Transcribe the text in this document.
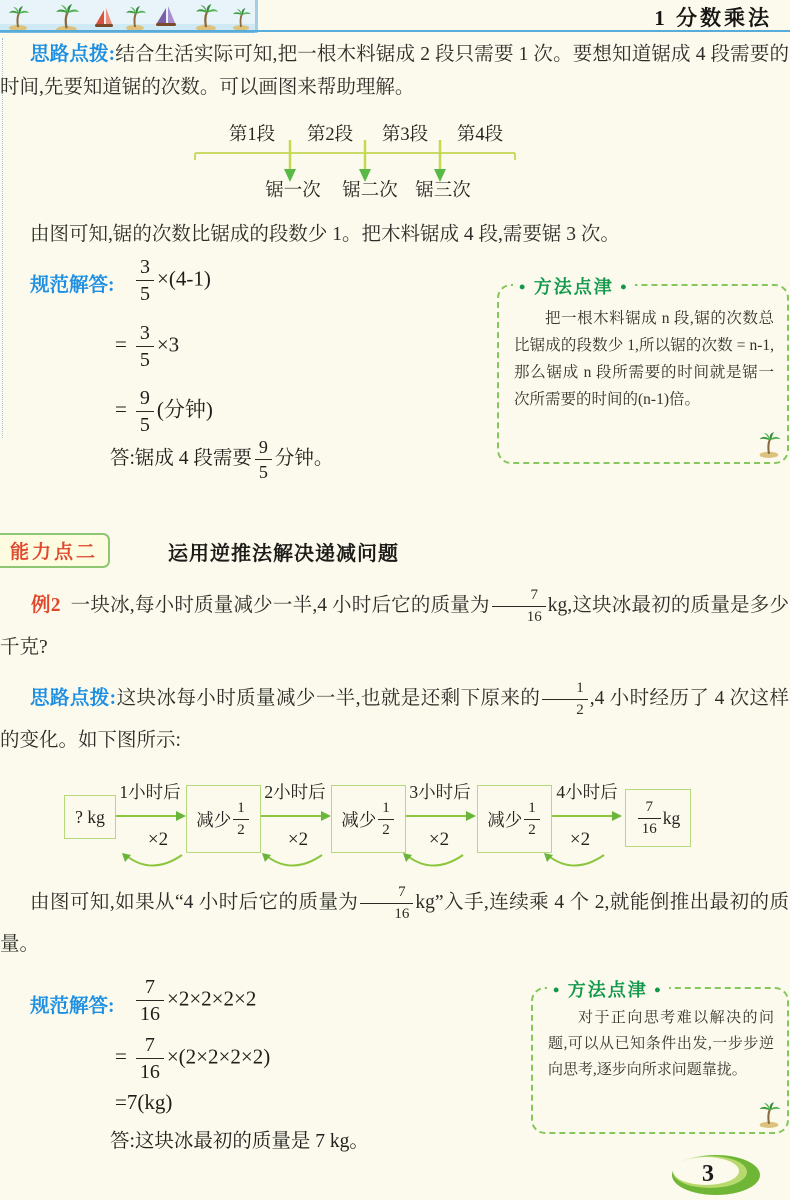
1 分数乘法
思路点拨:结合生活实际可知,把一根木料锯成 2 段只需要 1 次。要想知道锯成 4 段需要的时间,先要知道锯的次数。可以画图来帮助理解。
第1段 第2段 第3段 第4段
锯一次 锯二次 锯三次
由图可知,锯的次数比锯成的段数少 1。把木料锯成 4 段,需要锯 3 次。
规范解答: $\frac{3}{5} \times(4-1)$
= $\frac{3}{5} \times 3$
= $\frac{9}{5}$ (分钟)
答:锯成 4 段需要 $\frac{9}{5}$ 分钟。
• 方法点津 •
把一根木料锯成 n 段,锯的次数总比锯成的段数少 1,所以锯的次数 = n-1,那么锯成 n 段所需要的时间就是锯一次所需要的时间的(n-1)倍。
能力点二	运用逆推法解决递减问题
例2 一块冰,每小时质量减少一半,4 小时后它的质量为 $\frac{7}{16}$ kg,这块冰最初的质量是多少千克?
思路点拨:这块冰每小时质量减少一半,也就是还剩下原来的 $\frac{1}{2} ,4$ 小时经历了 4 次这样的变化。如下图所示:
? kg
1小时后
减少 $\frac{1}{2}$
2小时后
减少 $\frac{1}{2}$
3小时后
减少 $\frac{1}{2}$
4小时后
$\frac{7}{16}$ kg
×2	×2	×2	×2
由图可知,如果从“4 小时后它的质量为 $\frac{7}{16}$ kg”入手,连续乘 4 个 2,就能倒推出最初的质量。
规范解答: $\frac{7}{16} \times 2\times 2\times 2\times 2$
= $\frac{7}{16} \times(2\times 2\times 2\times 2)$
=7(kg)
答:这块冰最初的质量是 7 kg。
• 方法点津 •
对于正向思考难以解决的问题,可以从已知条件出发,一步步逆向思考,逐步向所求问题靠拢。
3
